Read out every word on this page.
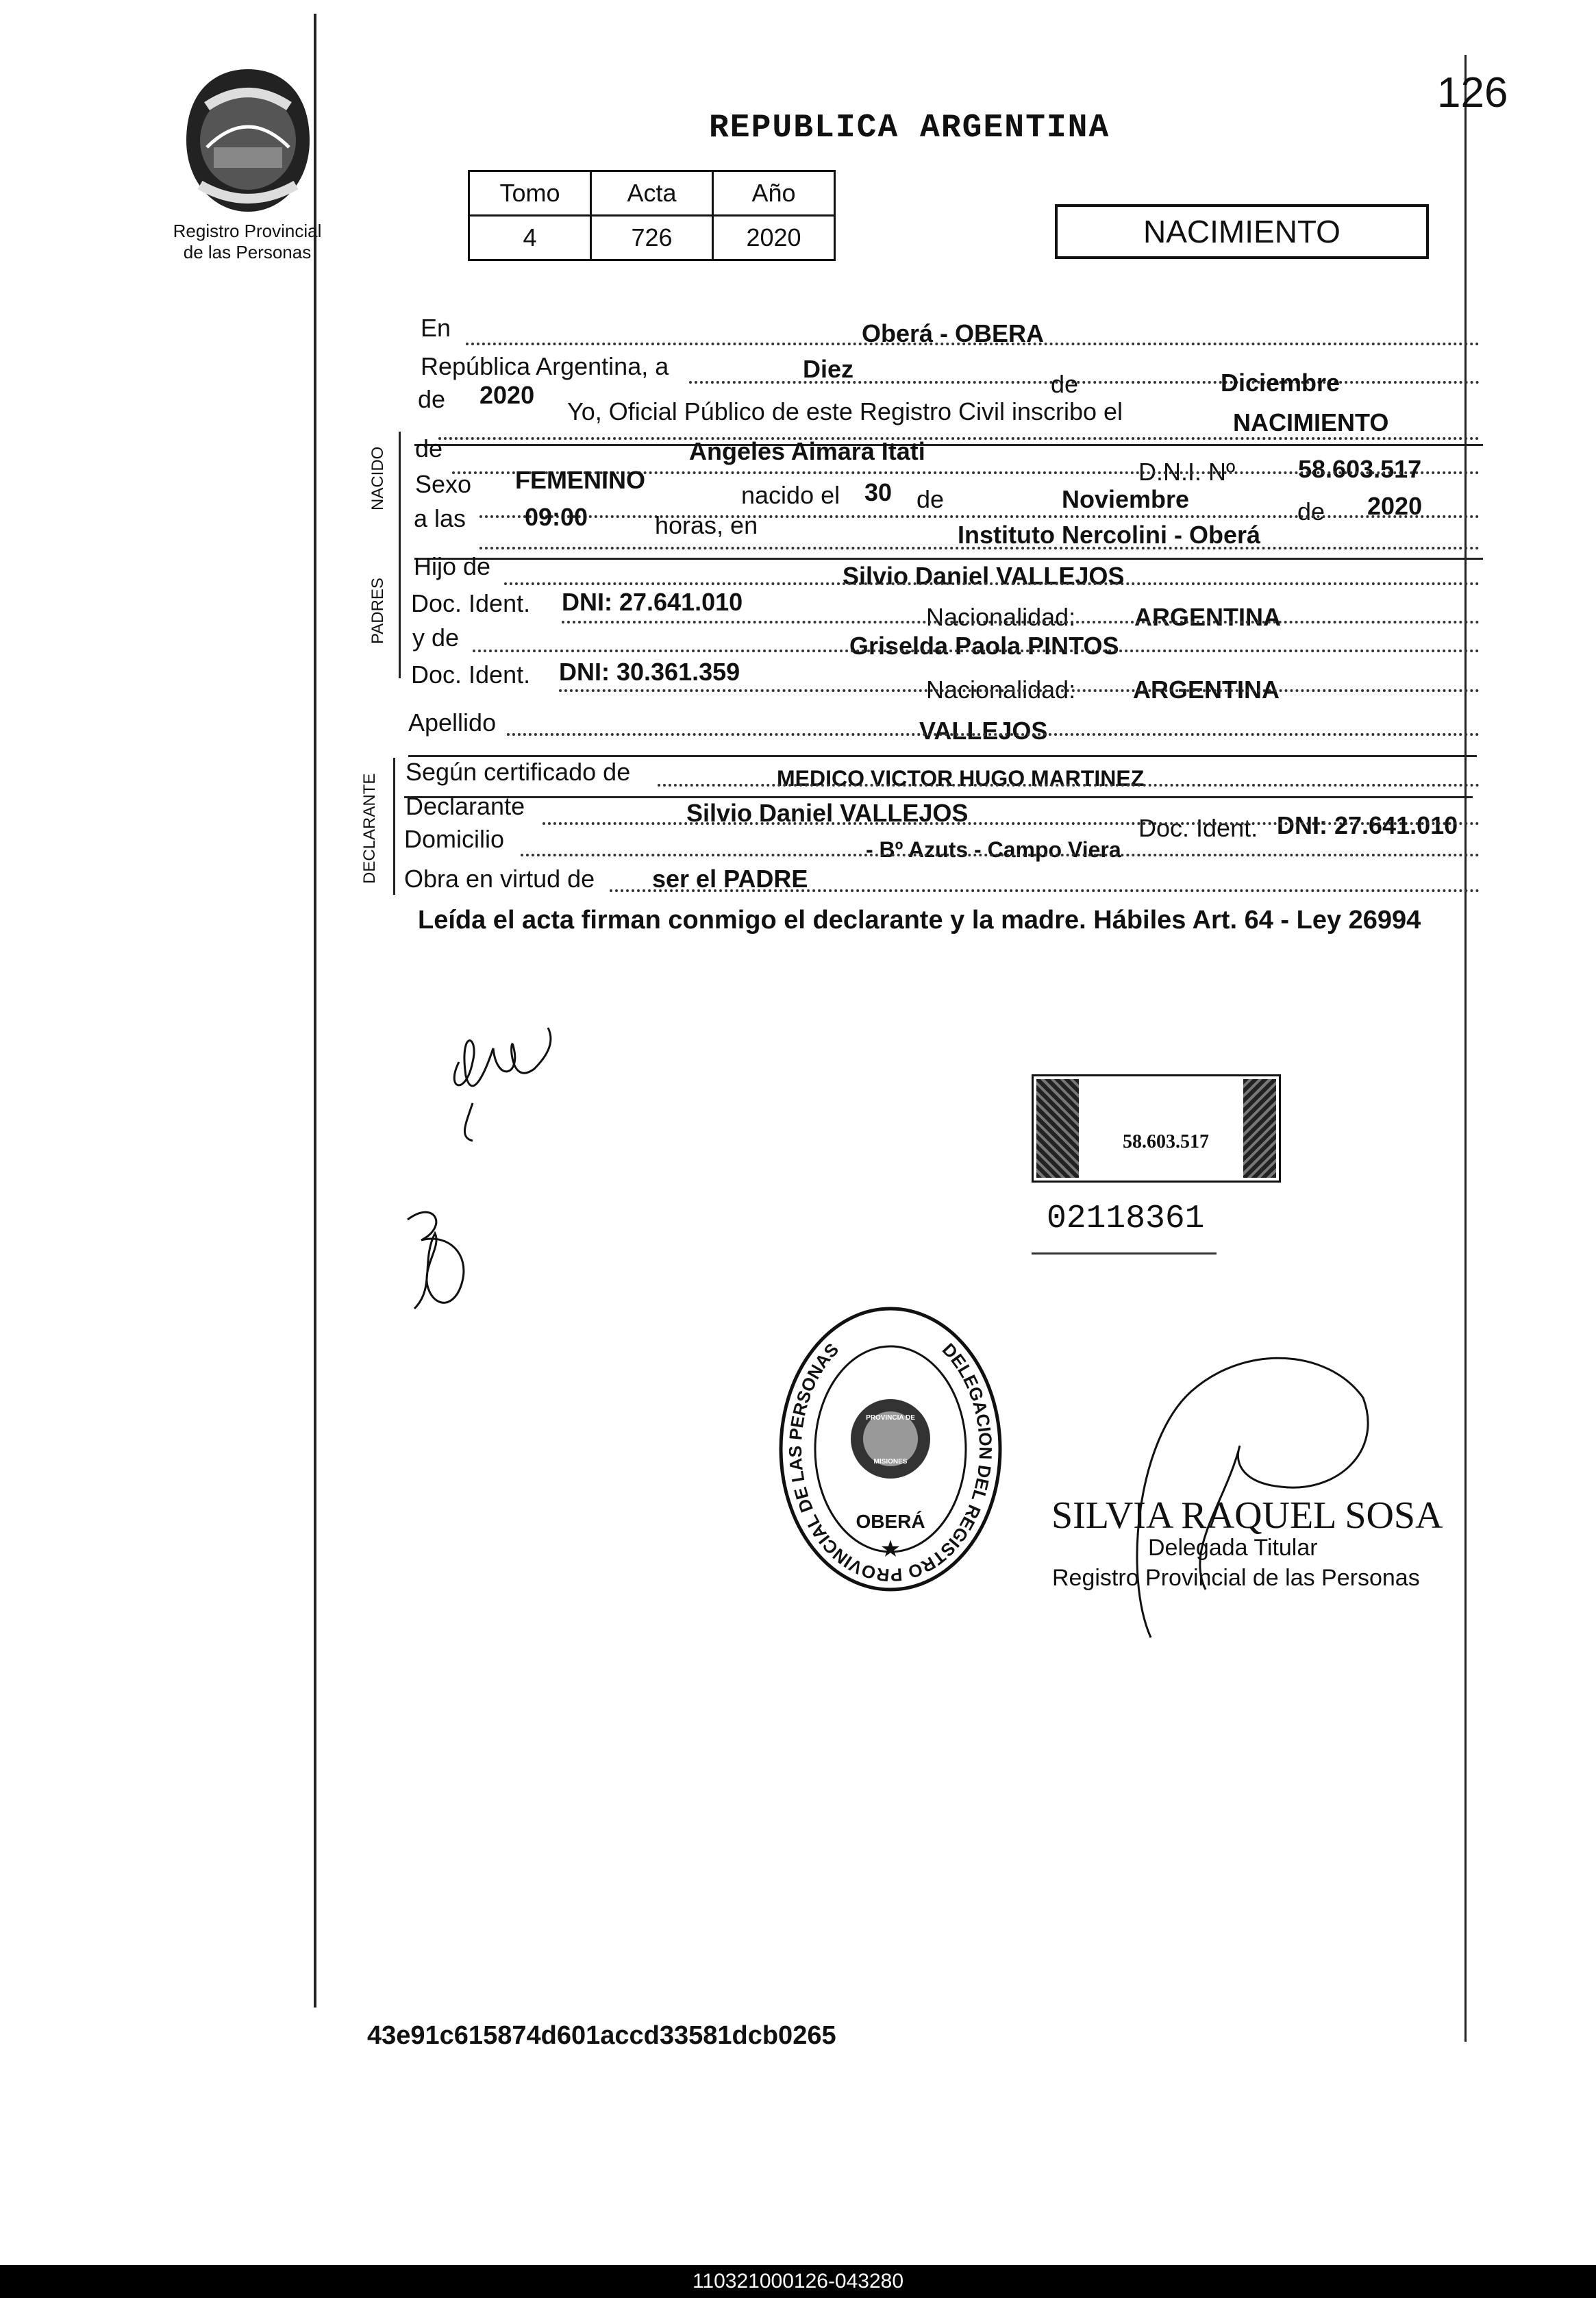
126
Registro Provincial
de las Personas
REPUBLICA ARGENTINA
Tomo	Acta	Año
4	726	2020	NACIMIENTO
En	Oberá - OBERA
República Argentina, a	Diez
de	Diciembre
de 2020
Yo, Oficial Público de este Registro Civil inscribo el	NACIMIENTO
NACIDO de	Angeles Aimara Itati
D.N.I. Nº	58.603.517
Sexo FEMENINO
nacido el 30 de	Noviembre	de 2020
a las 09:00	horas, en	Instituto Nercolini - Oberá
PADRES
Hijo de	Silvio Daniel VALLEJOS
Doc. Ident. DNI: 27.641.010
Nacionalidad: ARGENTINA
y de	Griselda Paola PINTOS
Doc. Ident. DNI: 30.361.359
Nacionalidad: ARGENTINA
Apellido	VALLEJOS
DECLARANTE
Según certificado de	MEDICO VICTOR HUGO MARTINEZ
Declarante	Silvio Daniel VALLEJOS
Doc. Ident. DNI: 27.641.010
Domicilio	- Bº Azuts - Campo Viera
Obra en virtud de ser el PADRE
Leída el acta firman conmigo el declarante y la madre. Hábiles Art. 64 - Ley 26994
58.603.517
02118361
DELEGACION DEL REGISTRO PROVINCIAL DE LAS PERSONAS
PROVINCIA DE
MISIONES
OBERÁ
★
SILVIA RAQUEL SOSA
Delegada Titular
Registro Provincial de las Personas
43e91c615874d601accd33581dcb0265
110321000126-043280
